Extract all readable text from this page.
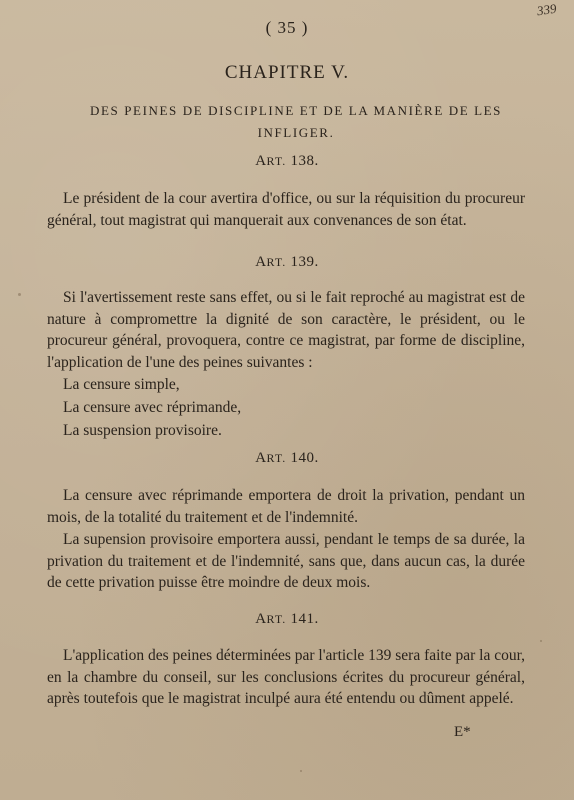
( 35 )
339
CHAPITRE V.
DES PEINES DE DISCIPLINE ET DE LA MANIÈRE DE LES INFLIGER.
ART. 138.
Le président de la cour avertira d'office, ou sur la réquisition du procureur général, tout magistrat qui manquerait aux convenances de son état.
ART. 139.
Si l'avertissement reste sans effet, ou si le fait reproché au magistrat est de nature à compromettre la dignité de son caractère, le président, ou le procureur général, provoquera, contre ce magistrat, par forme de discipline, l'application de l'une des peines suivantes :
La censure simple,
La censure avec réprimande,
La suspension provisoire.
ART. 140.
La censure avec réprimande emportera de droit la privation, pendant un mois, de la totalité du traitement et de l'indemnité.
La supension provisoire emportera aussi, pendant le temps de sa durée, la privation du traitement et de l'indemnité, sans que, dans aucun cas, la durée de cette privation puisse être moindre de deux mois.
ART. 141.
L'application des peines déterminées par l'article 139 sera faite par la cour, en la chambre du conseil, sur les conclusions écrites du procureur général, après toutefois que le magistrat inculpé aura été entendu ou dûment appelé.
E*
